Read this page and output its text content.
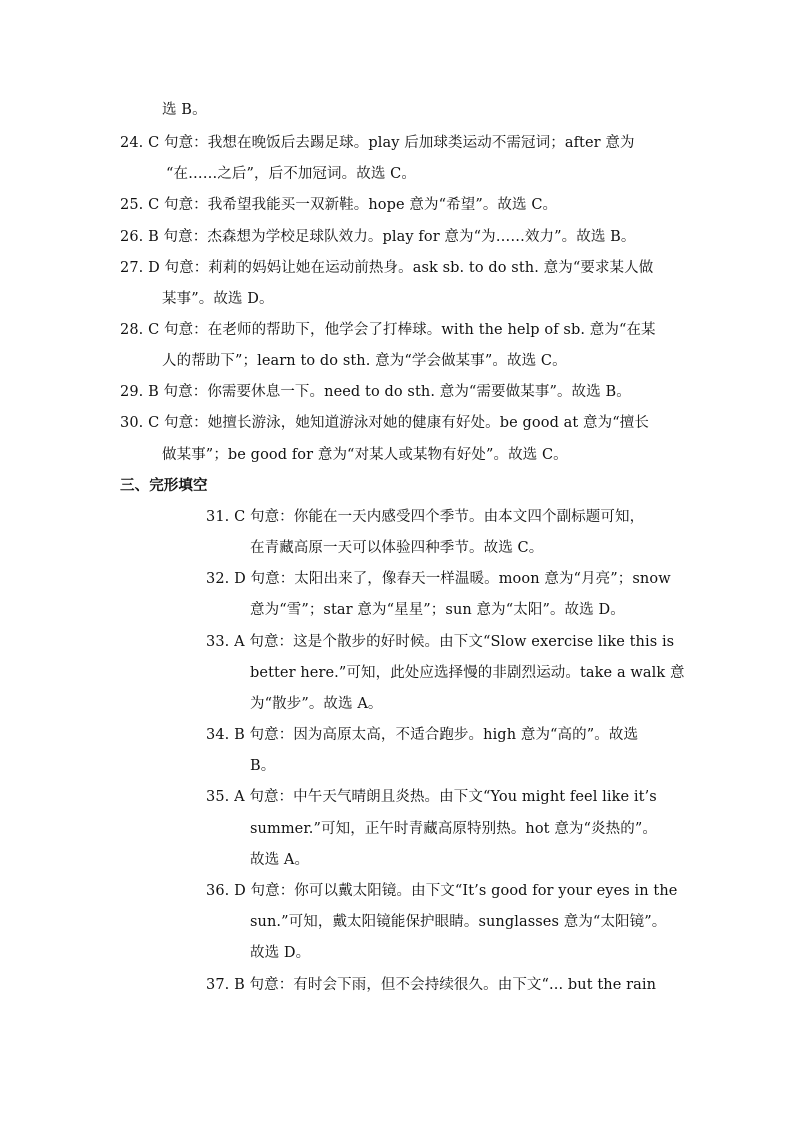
选 B。
24. C 句意：我想在晚饭后去踢足球。play 后加球类运动不需冠词；after 意为
“在……之后”，后不加冠词。故选 C。
25. C 句意：我希望我能买一双新鞋。hope 意为“希望”。故选 C。
26. B 句意：杰森想为学校足球队效力。play for 意为“为……效力”。故选 B。
27. D 句意：莉莉的妈妈让她在运动前热身。ask sb. to do sth. 意为“要求某人做
某事”。故选 D。
28. C 句意：在老师的帮助下，他学会了打棒球。with the help of sb. 意为“在某
人的帮助下”；learn to do sth. 意为“学会做某事”。故选 C。
29. B 句意：你需要休息一下。need to do sth. 意为“需要做某事”。故选 B。
30. C 句意：她擅长游泳，她知道游泳对她的健康有好处。be good at 意为“擅长
做某事”；be good for 意为“对某人或某物有好处”。故选 C。
三、完形填空
31. C 句意：你能在一天内感受四个季节。由本文四个副标题可知，
在青藏高原一天可以体验四种季节。故选 C。
32. D 句意：太阳出来了，像春天一样温暖。moon 意为“月亮”；snow
意为“雪”；star 意为“星星”；sun 意为“太阳”。故选 D。
33. A 句意：这是个散步的好时候。由下文“Slow exercise like this is
better here.”可知，此处应选择慢的非剧烈运动。take a walk 意
为“散步”。故选 A。
34. B 句意：因为高原太高，不适合跑步。high 意为“高的”。故选
B。
35. A 句意：中午天气晴朗且炎热。由下文“You might feel like it’s
summer.”可知，正午时青藏高原特别热。hot 意为“炎热的”。
故选 A。
36. D 句意：你可以戴太阳镜。由下文“It’s good for your eyes in the
sun.”可知，戴太阳镜能保护眼睛。sunglasses 意为“太阳镜”。
故选 D。
37. B 句意：有时会下雨，但不会持续很久。由下文“... but the rain
